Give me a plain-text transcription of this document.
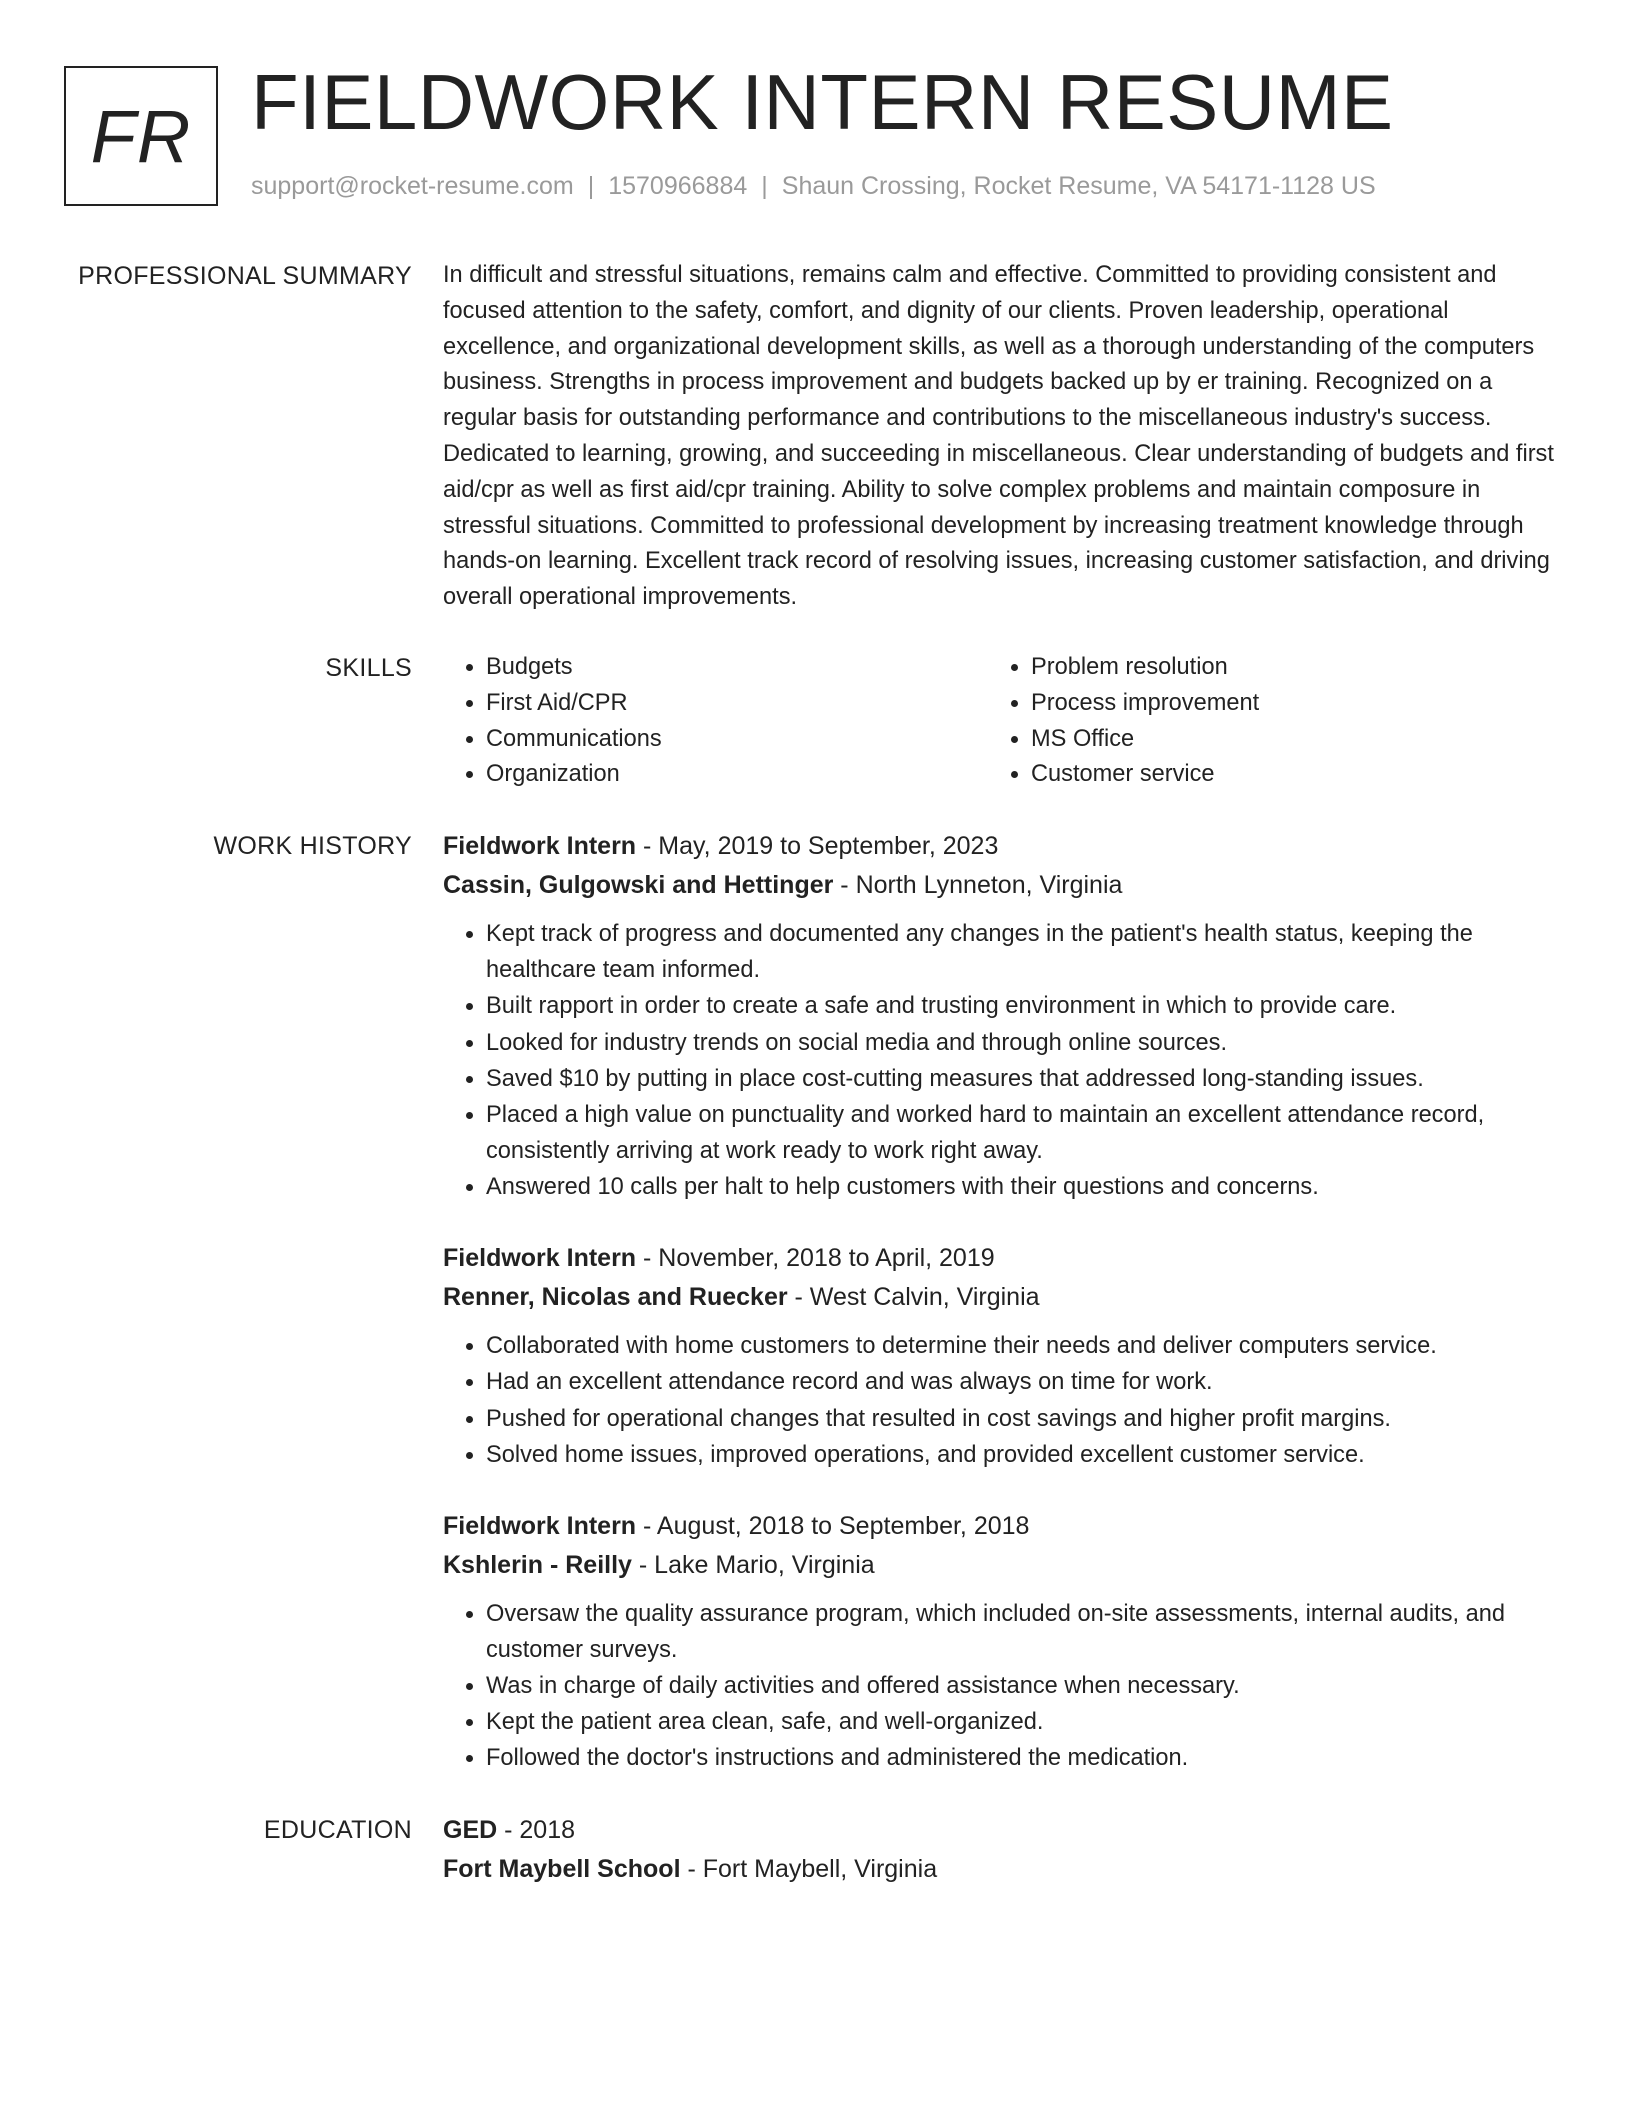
FR FIELDWORK INTERN RESUME
support@rocket-resume.com | 1570966884 | Shaun Crossing, Rocket Resume, VA 54171-1128 US
PROFESSIONAL SUMMARY In difficult and stressful situations, remains calm and effective. Committed to providing consistent and focused attention to the safety, comfort, and dignity of our clients. Proven leadership, operational excellence, and organizational development skills, as well as a thorough understanding of the computers business. Strengths in process improvement and budgets backed up by er training. Recognized on a regular basis for outstanding performance and contributions to the miscellaneous industry's success. Dedicated to learning, growing, and succeeding in miscellaneous. Clear understanding of budgets and first aid/cpr as well as first aid/cpr training. Ability to solve complex problems and maintain composure in stressful situations. Committed to professional development by increasing treatment knowledge through hands-on learning. Excellent track record of resolving issues, increasing customer satisfaction, and driving overall operational improvements.

SKILLS
•	Budgets
• First Aid/CPR
• Communications
• Organization
• Problem resolution
• Process improvement
• MS Office
• Customer service
WORK HISTORY Fieldwork Intern - May, 2019 to September, 2023
Cassin, Gulgowski and Hettinger - North Lynneton, Virginia
• Kept track of progress and documented any changes in the patient's health status, keeping the healthcare team informed.
• Built rapport in order to create a safe and trusting environment in which to provide care.
• Looked for industry trends on social media and through online sources.
• Saved $10 by putting in place cost-cutting measures that addressed long-standing issues.
• Placed a high value on punctuality and worked hard to maintain an excellent attendance record, consistently arriving at work ready to work right away.
• Answered 10 calls per halt to help customers with their questions and concerns.
Fieldwork Intern - November, 2018 to April, 2019
Renner, Nicolas and Ruecker - West Calvin, Virginia
• Collaborated with home customers to determine their needs and deliver computers service.
• Had an excellent attendance record and was always on time for work.
• Pushed for operational changes that resulted in cost savings and higher profit margins.
• Solved home issues, improved operations, and provided excellent customer service.
Fieldwork Intern - August, 2018 to September, 2018
Kshlerin - Reilly - Lake Mario, Virginia
• Oversaw the quality assurance program, which included on-site assessments, internal audits, and customer surveys.
• Was in charge of daily activities and offered assistance when necessary.
• Kept the patient area clean, safe, and well-organized.
• Followed the doctor's instructions and administered the medication.
EDUCATION GED - 2018
Fort Maybell School - Fort Maybell, Virginia
